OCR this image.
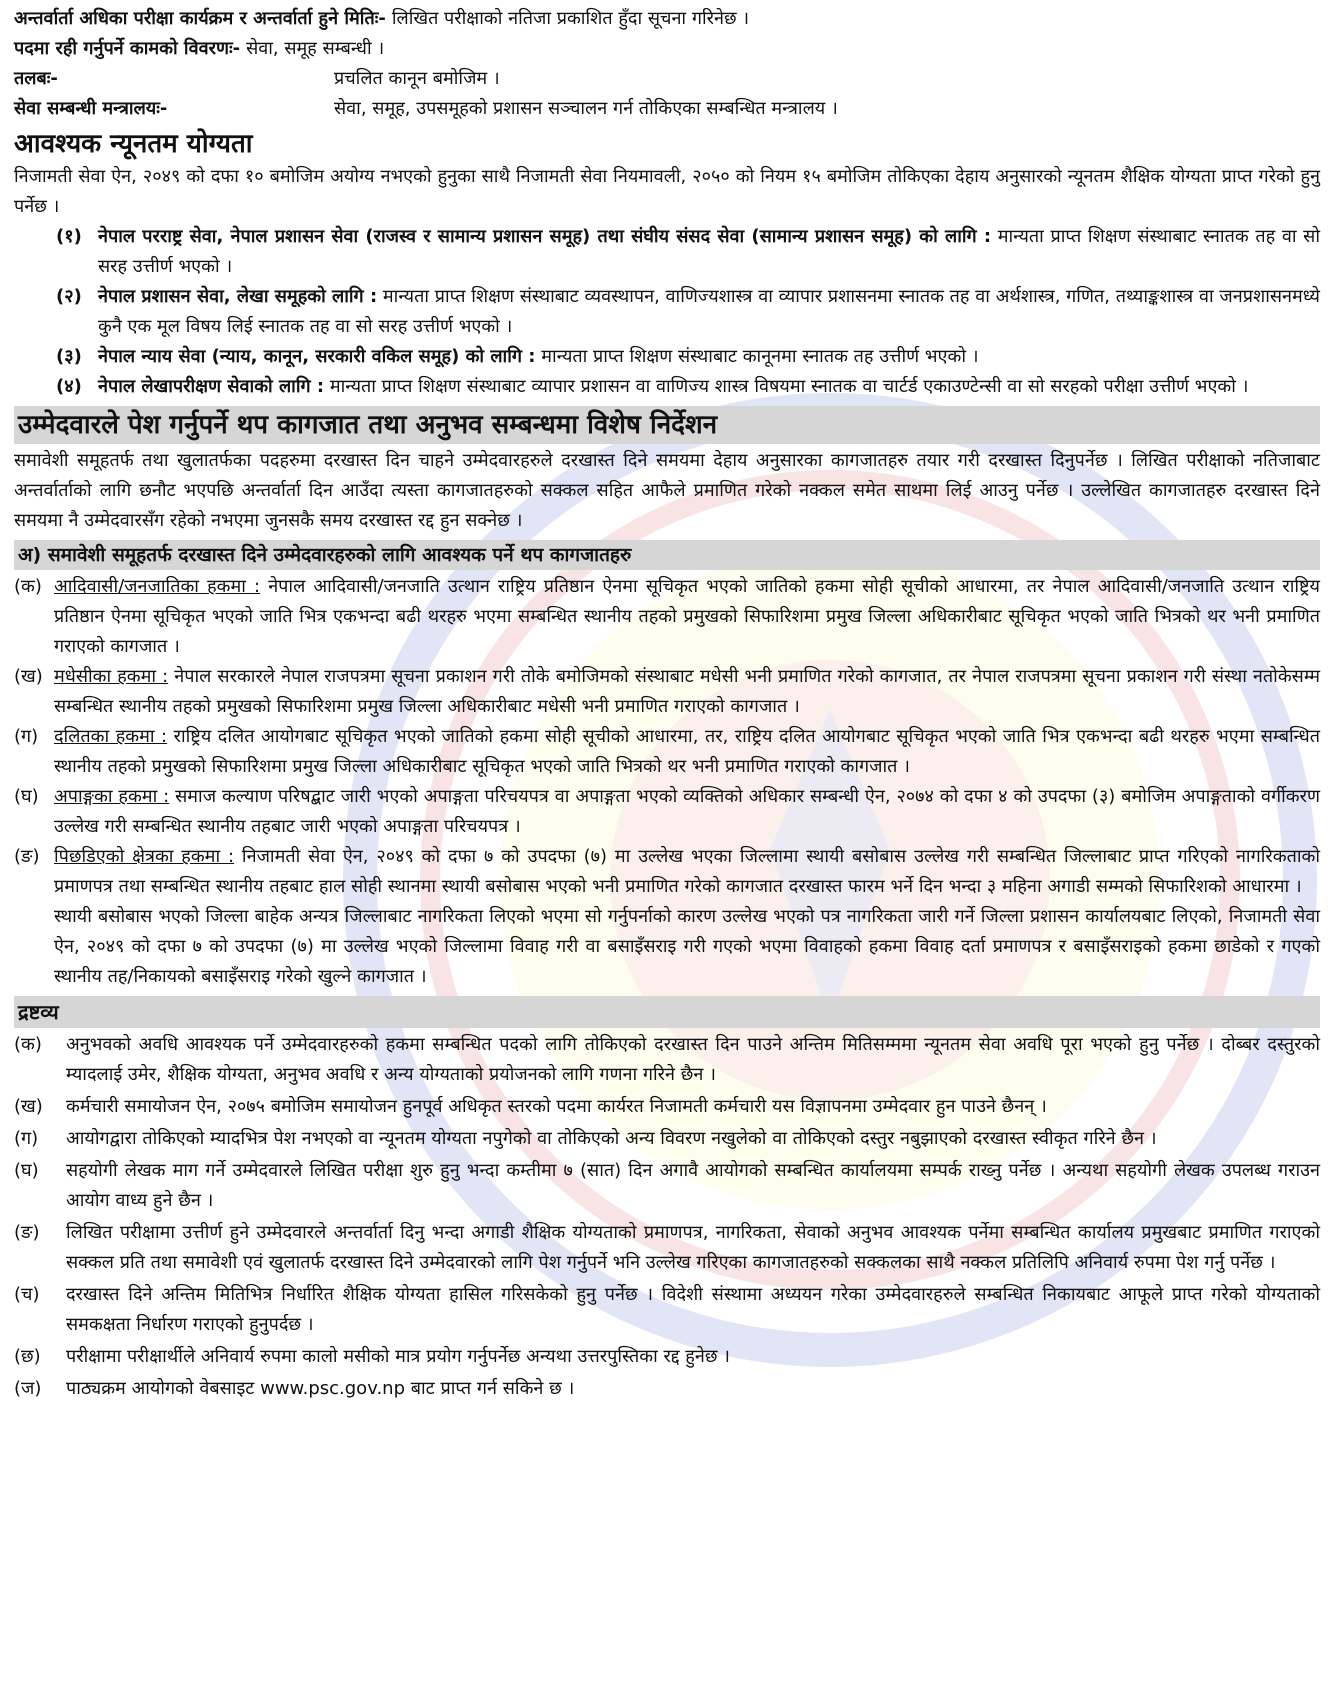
अन्तर्वार्ता अधिका परीक्षा कार्यक्रम र अन्तर्वार्ता हुने मितिः- लिखित परीक्षाको नतिजा प्रकाशित हुँदा सूचना गरिनेछ ।
पदमा रही गर्नुपर्ने कामको विवरणः- सेवा, समूह सम्बन्धी ।
तलबः-	प्रचलित कानून बमोजिम ।
सेवा सम्बन्धी मन्त्रालयः-	सेवा, समूह, उपसमूहको प्रशासन सञ्चालन गर्न तोकिएका सम्बन्धित मन्त्रालय ।
आवश्यक न्यूनतम योग्यता

निजामती सेवा ऐन, २०४९ को दफा १० बमोजिम अयोग्य नभएको हुनुका साथै निजामती सेवा नियमावली, २०५० को नियम १५ बमोजिम तोकिएका देहाय अनुसारको न्यूनतम शैक्षिक योग्यता प्राप्त गरेको हुनु पर्नेछ ।

(१) नेपाल परराष्ट्र सेवा, नेपाल प्रशासन सेवा (राजस्व र सामान्य प्रशासन समूह) तथा संघीय संसद सेवा (सामान्य प्रशासन समूह) को लागि : मान्यता प्राप्त शिक्षण संस्थाबाट स्नातक तह वा सो सरह उत्तीर्ण भएको ।
(२) नेपाल प्रशासन सेवा, लेखा समूहको लागि : मान्यता प्राप्त शिक्षण संस्थाबाट व्यवस्थापन, वाणिज्यशास्त्र वा व्यापार प्रशासनमा स्नातक तह वा अर्थशास्त्र, गणित, तथ्याङ्कशास्त्र वा जनप्रशासनमध्ये कुनै एक मूल विषय लिई स्नातक तह वा सो सरह उत्तीर्ण भएको ।
(३) नेपाल न्याय सेवा (न्याय, कानून, सरकारी वकिल समूह) को लागि : मान्यता प्राप्त शिक्षण संस्थाबाट कानूनमा स्नातक तह उत्तीर्ण भएको ।
(४) नेपाल लेखापरीक्षण सेवाको लागि : मान्यता प्राप्त शिक्षण संस्थाबाट व्यापार प्रशासन वा वाणिज्य शास्त्र विषयमा स्नातक वा चार्टर्ड एकाउण्टेन्सी वा सो सरहको परीक्षा उत्तीर्ण भएको ।
उम्मेदवारले पेश गर्नुपर्ने थप कागजात तथा अनुभव सम्बन्धमा विशेष निर्देशन

समावेशी समूहतर्फ तथा खुलातर्फका पदहरुमा दरखास्त दिन चाहने उम्मेदवारहरुले दरखास्त दिने समयमा देहाय अनुसारका कागजातहरु तयार गरी दरखास्त दिनुपर्नेछ । लिखित परीक्षाको नतिजाबाट अन्तर्वार्ताको लागि छनौट भएपछि अन्तर्वार्ता दिन आउँदा त्यस्ता कागजातहरुको सक्कल सहित आफैले प्रमाणित गरेको नक्कल समेत साथमा लिई आउनु पर्नेछ । उल्लेखित कागजातहरु दरखास्त दिने समयमा नै उम्मेदवारसँग रहेको नभएमा जुनसकै समय दरखास्त रद्द हुन सक्नेछ ।

अ) समावेशी समूहतर्फ दरखास्त दिने उम्मेदवारहरुको लागि आवश्यक पर्ने थप कागजातहरु
(क) आदिवासी/जनजातिका हकमा : नेपाल आदिवासी/जनजाति उत्थान राष्ट्रिय प्रतिष्ठान ऐनमा सूचिकृत भएको जातिको हकमा सोही सूचीको आधारमा, तर नेपाल आदिवासी/जनजाति उत्थान राष्ट्रिय प्रतिष्ठान ऐनमा सूचिकृत भएको जाति भित्र एकभन्दा बढी थरहरु भएमा सम्बन्धित स्थानीय तहको प्रमुखको सिफारिशमा प्रमुख जिल्ला अधिकारीबाट सूचिकृत भएको जाति भित्रको थर भनी प्रमाणित गराएको कागजात ।
(ख) मधेसीका हकमा : नेपाल सरकारले नेपाल राजपत्रमा सूचना प्रकाशन गरी तोके बमोजिमको संस्थाबाट मधेसी भनी प्रमाणित गरेको कागजात, तर नेपाल राजपत्रमा सूचना प्रकाशन गरी संस्था नतोकेसम्म सम्बन्धित स्थानीय तहको प्रमुखको सिफारिशमा प्रमुख जिल्ला अधिकारीबाट मधेसी भनी प्रमाणित गराएको कागजात ।
(ग) दलितका हकमा : राष्ट्रिय दलित आयोगबाट सूचिकृत भएको जातिको हकमा सोही सूचीको आधारमा, तर, राष्ट्रिय दलित आयोगबाट सूचिकृत भएको जाति भित्र एकभन्दा बढी थरहरु भएमा सम्बन्धित स्थानीय तहको प्रमुखको सिफारिशमा प्रमुख जिल्ला अधिकारीबाट सूचिकृत भएको जाति भित्रको थर भनी प्रमाणित गराएको कागजात ।
(घ) अपाङ्गका हकमा : समाज कल्याण परिषद्बाट जारी भएको अपाङ्गता परिचयपत्र वा अपाङ्गता भएको व्यक्तिको अधिकार सम्बन्धी ऐन, २०७४ को दफा ४ को उपदफा (३) बमोजिम अपाङ्गताको वर्गीकरण उल्लेख गरी सम्बन्धित स्थानीय तहबाट जारी भएको अपाङ्गता परिचयपत्र ।
(ङ) पिछडिएको क्षेत्रका हकमा : निजामती सेवा ऐन, २०४९ को दफा ७ को उपदफा (७) मा उल्लेख भएका जिल्लामा स्थायी बसोबास उल्लेख गरी सम्बन्धित जिल्लाबाट प्राप्त गरिएको नागरिकताको प्रमाणपत्र तथा सम्बन्धित स्थानीय तहबाट हाल सोही स्थानमा स्थायी बसोबास भएको भनी प्रमाणित गरेको कागजात दरखास्त फारम भर्ने दिन भन्दा ३ महिना अगाडी सम्मको सिफारिशको आधारमा ।
स्थायी बसोबास भएको जिल्ला बाहेक अन्यत्र जिल्लाबाट नागरिकता लिएको भएमा सो गर्नुपर्नाको कारण उल्लेख भएको पत्र नागरिकता जारी गर्ने जिल्ला प्रशासन कार्यालयबाट लिएको, निजामती सेवा ऐन, २०४९ को दफा ७ को उपदफा (७) मा उल्लेख भएको जिल्लामा विवाह गरी वा बसाइँसराइ गरी गएको भएमा विवाहको हकमा विवाह दर्ता प्रमाणपत्र र बसाइँसराइको हकमा छाडेको र गएको स्थानीय तह/निकायको बसाइँसराइ गरेको खुल्ने कागजात ।
द्रष्टव्य
(क)	अनुभवको अवधि आवश्यक पर्ने उम्मेदवारहरुको हकमा सम्बन्धित पदको लागि तोकिएको दरखास्त दिन पाउने अन्तिम मितिसम्ममा न्यूनतम सेवा अवधि पूरा भएको हुनु पर्नेछ । दोब्बर दस्तुरको म्यादलाई उमेर, शैक्षिक योग्यता, अनुभव अवधि र अन्य योग्यताको प्रयोजनको लागि गणना गरिने छैन ।
(ख)	कर्मचारी समायोजन ऐन, २०७५ बमोजिम समायोजन हुनपूर्व अधिकृत स्तरको पदमा कार्यरत निजामती कर्मचारी यस विज्ञापनमा उम्मेदवार हुन पाउने छैनन् ।
(ग)	आयोगद्वारा तोकिएको म्यादभित्र पेश नभएको वा न्यूनतम योग्यता नपुगेको वा तोकिएको अन्य विवरण नखुलेको वा तोकिएको दस्तुर नबुझाएको दरखास्त स्वीकृत गरिने छैन ।
(घ)	सहयोगी लेखक माग गर्ने उम्मेदवारले लिखित परीक्षा शुरु हुनु भन्दा कम्तीमा ७ (सात) दिन अगावै आयोगको सम्बन्धित कार्यालयमा सम्पर्क राख्नु पर्नेछ । अन्यथा सहयोगी लेखक उपलब्ध गराउन आयोग वाध्य हुने छैन ।
(ङ)	लिखित परीक्षामा उत्तीर्ण हुने उम्मेदवारले अन्तर्वार्ता दिनु भन्दा अगाडी शैक्षिक योग्यताको प्रमाणपत्र, नागरिकता, सेवाको अनुभव आवश्यक पर्नेमा सम्बन्धित कार्यालय प्रमुखबाट प्रमाणित गराएको सक्कल प्रति तथा समावेशी एवं खुलातर्फ दरखास्त दिने उम्मेदवारको लागि पेश गर्नुपर्ने भनि उल्लेख गरिएका कागजातहरुको सक्कलका साथै नक्कल प्रतिलिपि अनिवार्य रुपमा पेश गर्नु पर्नेछ ।
(च)	दरखास्त दिने अन्तिम मितिभित्र निर्धारित शैक्षिक योग्यता हासिल गरिसकेको हुनु पर्नेछ । विदेशी संस्थामा अध्ययन गरेका उम्मेदवारहरुले सम्बन्धित निकायबाट आफूले प्राप्त गरेको योग्यताको समकक्षता निर्धारण गराएको हुनुपर्दछ ।
(छ)	परीक्षामा परीक्षार्थीले अनिवार्य रुपमा कालो मसीको मात्र प्रयोग गर्नुपर्नेछ अन्यथा उत्तरपुस्तिका रद्द हुनेछ ।
(ज)	पाठ्यक्रम आयोगको वेबसाइट www.psc.gov.np बाट प्राप्त गर्न सकिने छ ।
